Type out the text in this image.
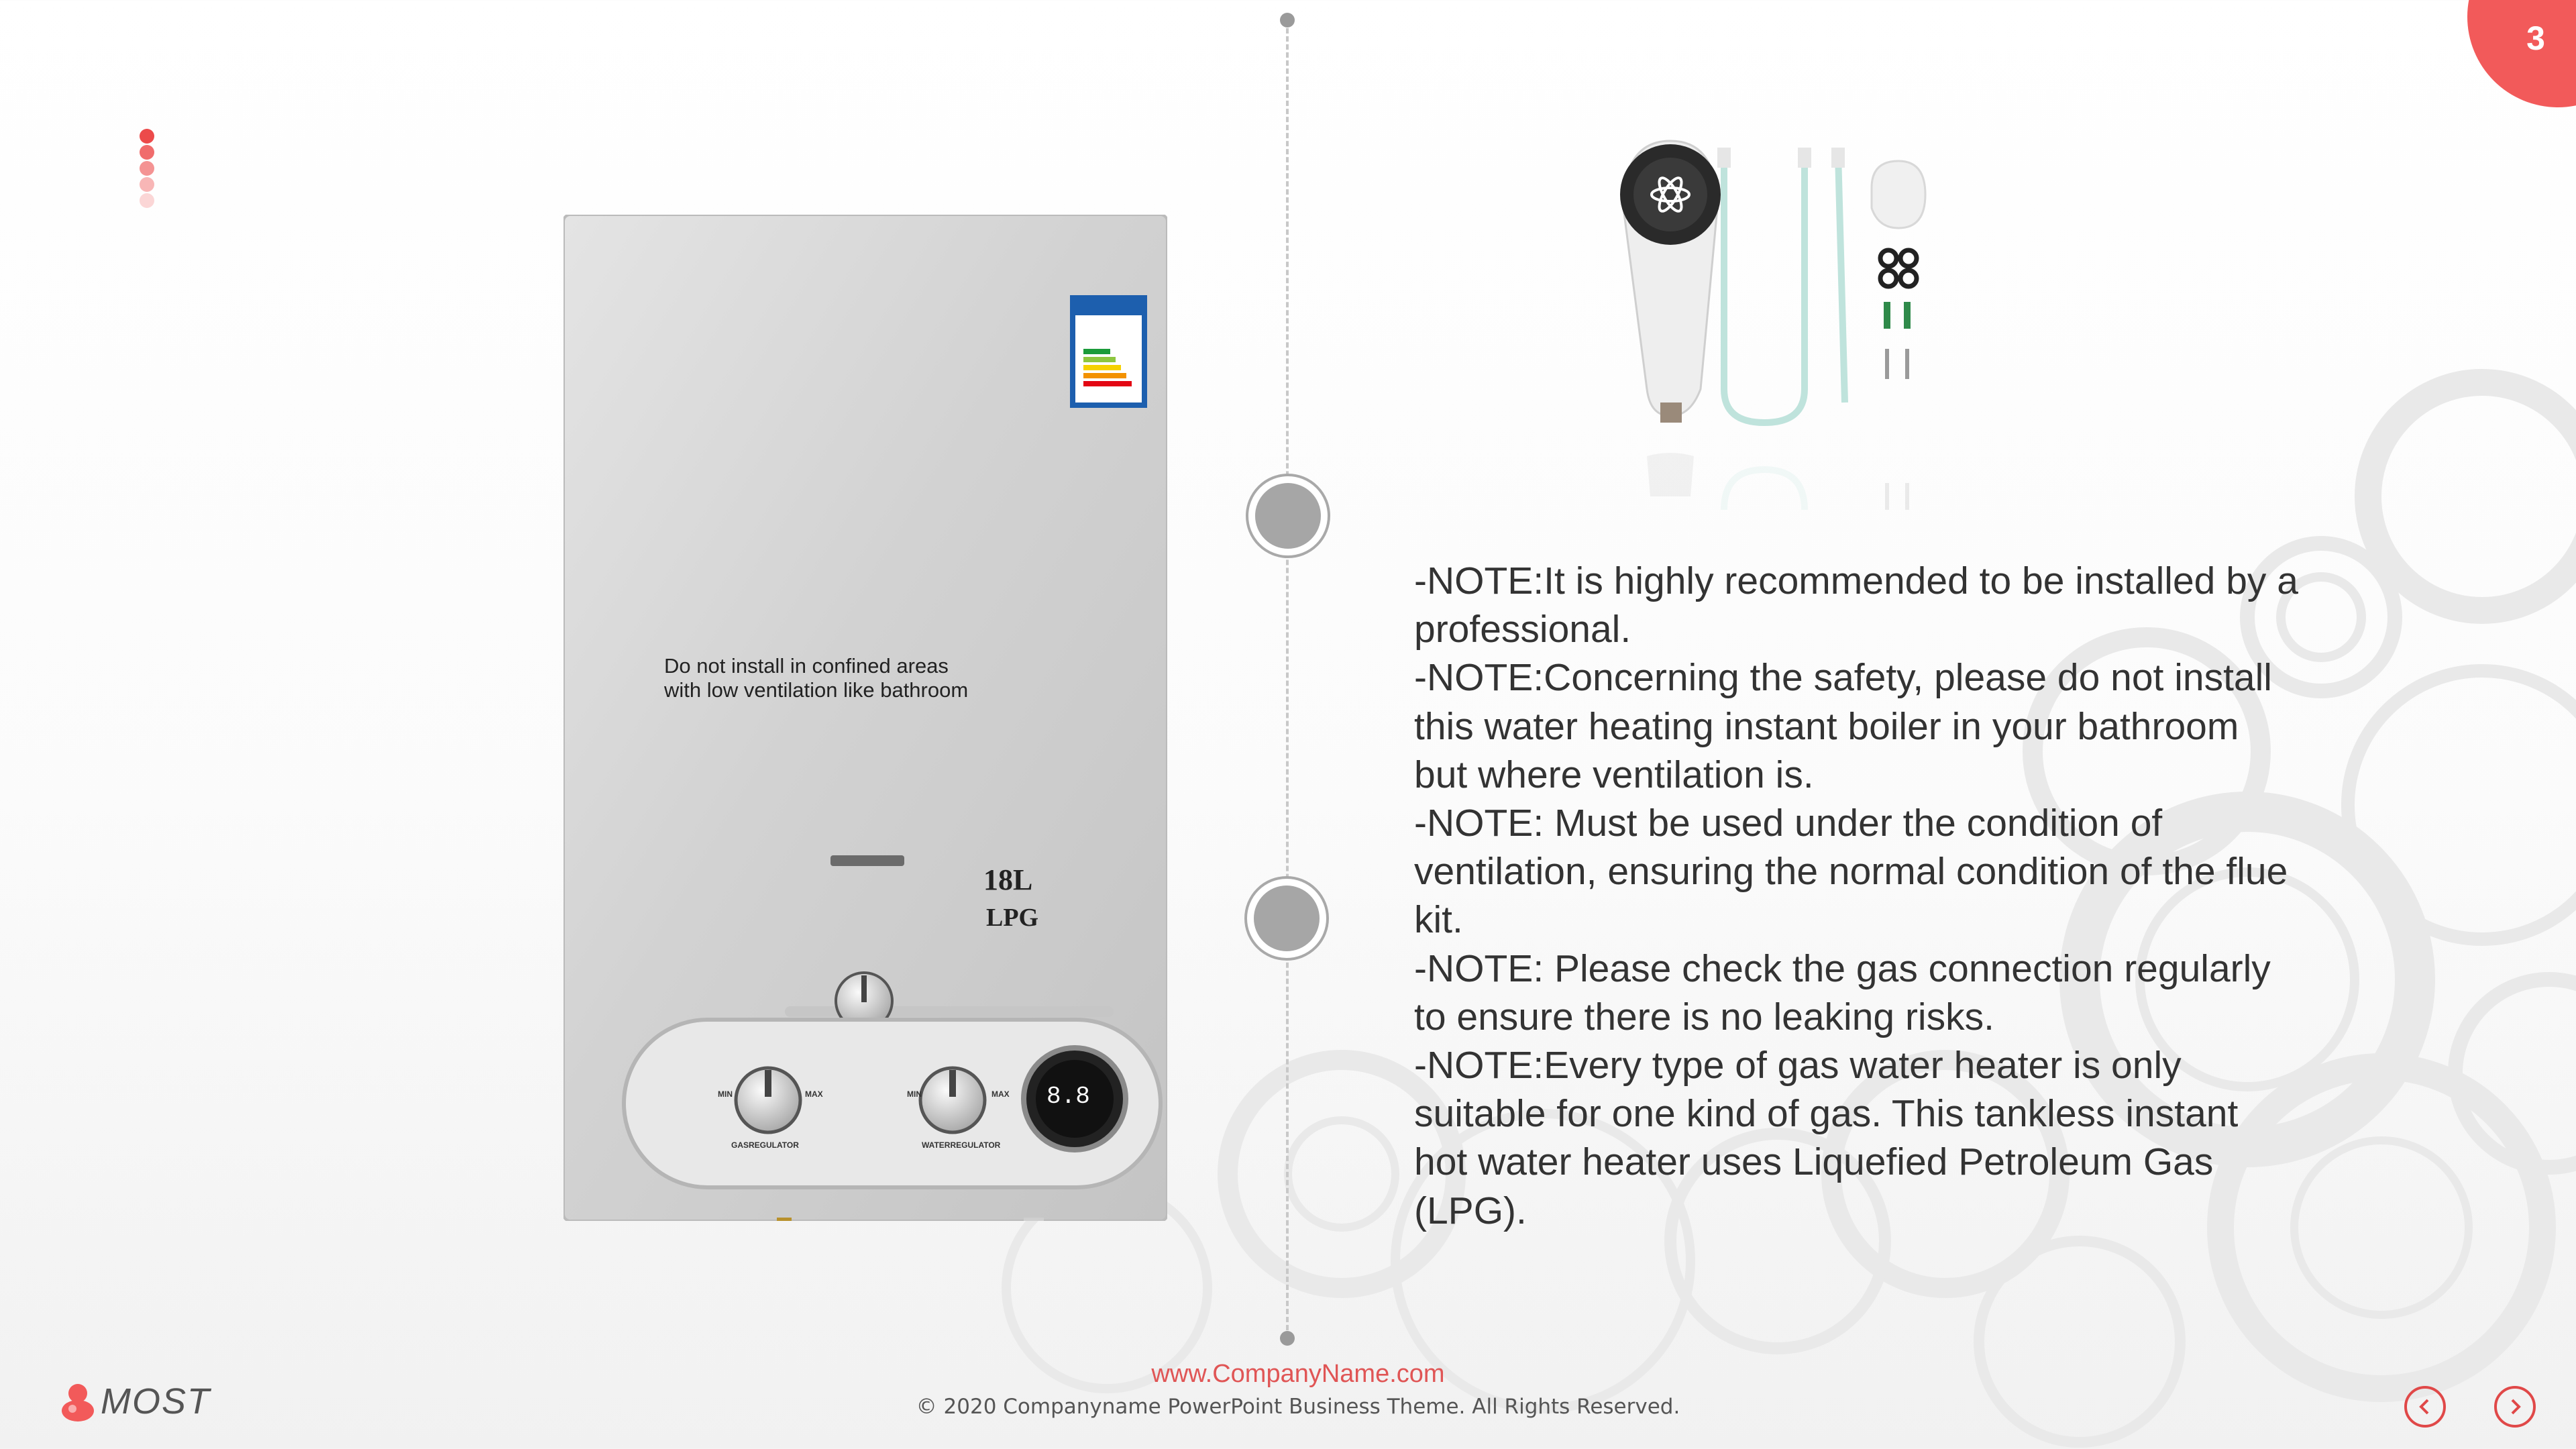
3
Do not install in confined areas
with low ventilation like bathroom
18L
LPG
8.8
GASREGULATOR	WATERREGULATOR
MIN	MAX	MIN	MAX

-NOTE:It is highly recommended to be installed by a professional.

-NOTE:Concerning the safety, please do not install this water heating instant boiler in your bathroom but where ventilation is.

-NOTE: Must be used under the condition of ventilation, ensuring the normal condition of the flue kit.

-NOTE: Please check the gas connection regularly to ensure there is no leaking risks.

-NOTE:Every type of gas water heater is only suitable for one kind of gas. This tankless instant hot water heater uses Liquefied Petroleum Gas (LPG).

www.CompanyName.com
© 2020 Companyname PowerPoint Business Theme. All Rights Reserved.
MOST
